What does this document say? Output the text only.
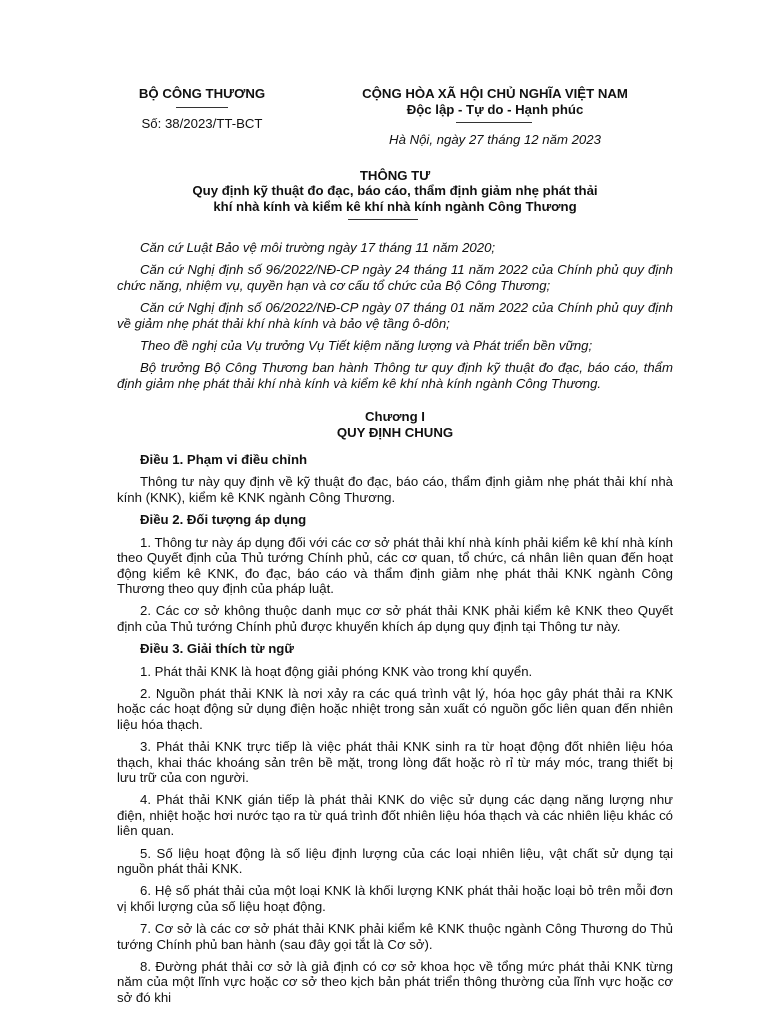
BỘ CÔNG THƯƠNG
Số: 38/2023/TT-BCT
CỘNG HÒA XÃ HỘI CHỦ NGHĨA VIỆT NAM
Độc lập - Tự do - Hạnh phúc
Hà Nội, ngày 27 tháng 12 năm 2023
THÔNG TƯ
Quy định kỹ thuật đo đạc, báo cáo, thẩm định giảm nhẹ phát thải
khí nhà kính và kiểm kê khí nhà kính ngành Công Thương

Căn cứ Luật Bảo vệ môi trường ngày 17 tháng 11 năm 2020;

Căn cứ Nghị định số 96/2022/NĐ-CP ngày 24 tháng 11 năm 2022 của Chính phủ quy định chức năng, nhiệm vụ, quyền hạn và cơ cấu tổ chức của Bộ Công Thương;

Căn cứ Nghị định số 06/2022/NĐ-CP ngày 07 tháng 01 năm 2022 của Chính phủ quy định về giảm nhẹ phát thải khí nhà kính và bảo vệ tầng ô-dôn;

Theo đề nghị của Vụ trưởng Vụ Tiết kiệm năng lượng và Phát triển bền vững;

Bộ trưởng Bộ Công Thương ban hành Thông tư quy định kỹ thuật đo đạc, báo cáo, thẩm định giảm nhẹ phát thải khí nhà kính và kiểm kê khí nhà kính ngành Công Thương.

Chương I
QUY ĐỊNH CHUNG
Điều 1. Phạm vi điều chỉnh

Thông tư này quy định về kỹ thuật đo đạc, báo cáo, thẩm định giảm nhẹ phát thải khí nhà kính (KNK), kiểm kê KNK ngành Công Thương.

Điều 2. Đối tượng áp dụng

1. Thông tư này áp dụng đối với các cơ sở phát thải khí nhà kính phải kiểm kê khí nhà kính theo Quyết định của Thủ tướng Chính phủ, các cơ quan, tổ chức, cá nhân liên quan đến hoạt động kiểm kê KNK, đo đạc, báo cáo và thẩm định giảm nhẹ phát thải KNK ngành Công Thương theo quy định của pháp luật.

2. Các cơ sở không thuộc danh mục cơ sở phát thải KNK phải kiểm kê KNK theo Quyết định của Thủ tướng Chính phủ được khuyến khích áp dụng quy định tại Thông tư này.

Điều 3. Giải thích từ ngữ

1. Phát thải KNK là hoạt động giải phóng KNK vào trong khí quyển.

2. Nguồn phát thải KNK là nơi xảy ra các quá trình vật lý, hóa học gây phát thải ra KNK hoặc các hoạt động sử dụng điện hoặc nhiệt trong sản xuất có nguồn gốc liên quan đến nhiên liệu hóa thạch.

3. Phát thải KNK trực tiếp là việc phát thải KNK sinh ra từ hoạt động đốt nhiên liệu hóa thạch, khai thác khoáng sản trên bề mặt, trong lòng đất hoặc rò rỉ từ máy móc, trang thiết bị lưu trữ của con người.

4. Phát thải KNK gián tiếp là phát thải KNK do việc sử dụng các dạng năng lượng như điện, nhiệt hoặc hơi nước tạo ra từ quá trình đốt nhiên liệu hóa thạch và các nhiên liệu khác có liên quan.

5. Số liệu hoạt động là số liệu định lượng của các loại nhiên liệu, vật chất sử dụng tại nguồn phát thải KNK.

6. Hệ số phát thải của một loại KNK là khối lượng KNK phát thải hoặc loại bỏ trên mỗi đơn vị khối lượng của số liệu hoạt động.

7. Cơ sở là các cơ sở phát thải KNK phải kiểm kê KNK thuộc ngành Công Thương do Thủ tướng Chính phủ ban hành (sau đây gọi tắt là Cơ sở).

8. Đường phát thải cơ sở là giả định có cơ sở khoa học về tổng mức phát thải KNK từng năm của một lĩnh vực hoặc cơ sở theo kịch bản phát triển thông thường của lĩnh vực hoặc cơ sở đó khi
